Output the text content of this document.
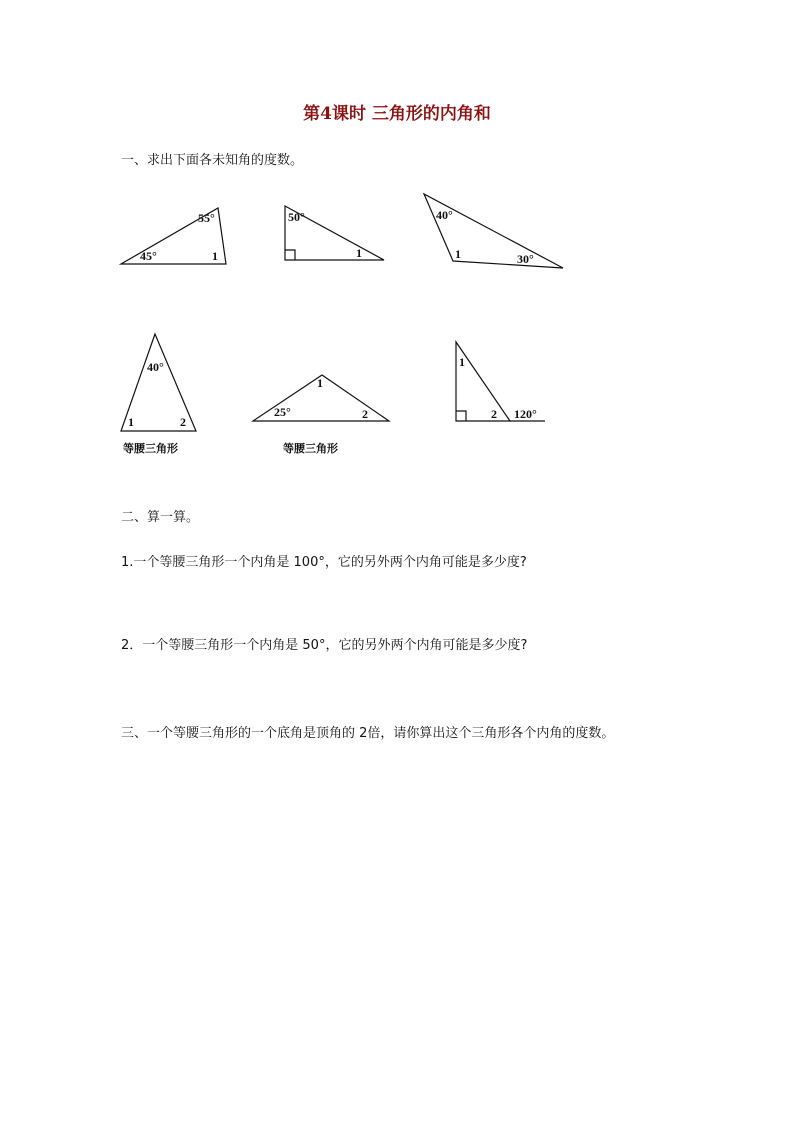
第4课时 三角形的内角和
一、求出下面各未知角的度数。
55°
45°	1
50°
1
40°
1	30°
40°
1	2
等腰三角形
1
25°	2
等腰三角形
1
2 120°
二、算一算。
1.一个等腰三角形一个内角是 100°，它的另外两个内角可能是多少度?
2．一个等腰三角形一个内角是 50°，它的另外两个内角可能是多少度?
三、一个等腰三角形的一个底角是顶角的 2倍，请你算出这个三角形各个内角的度数。
